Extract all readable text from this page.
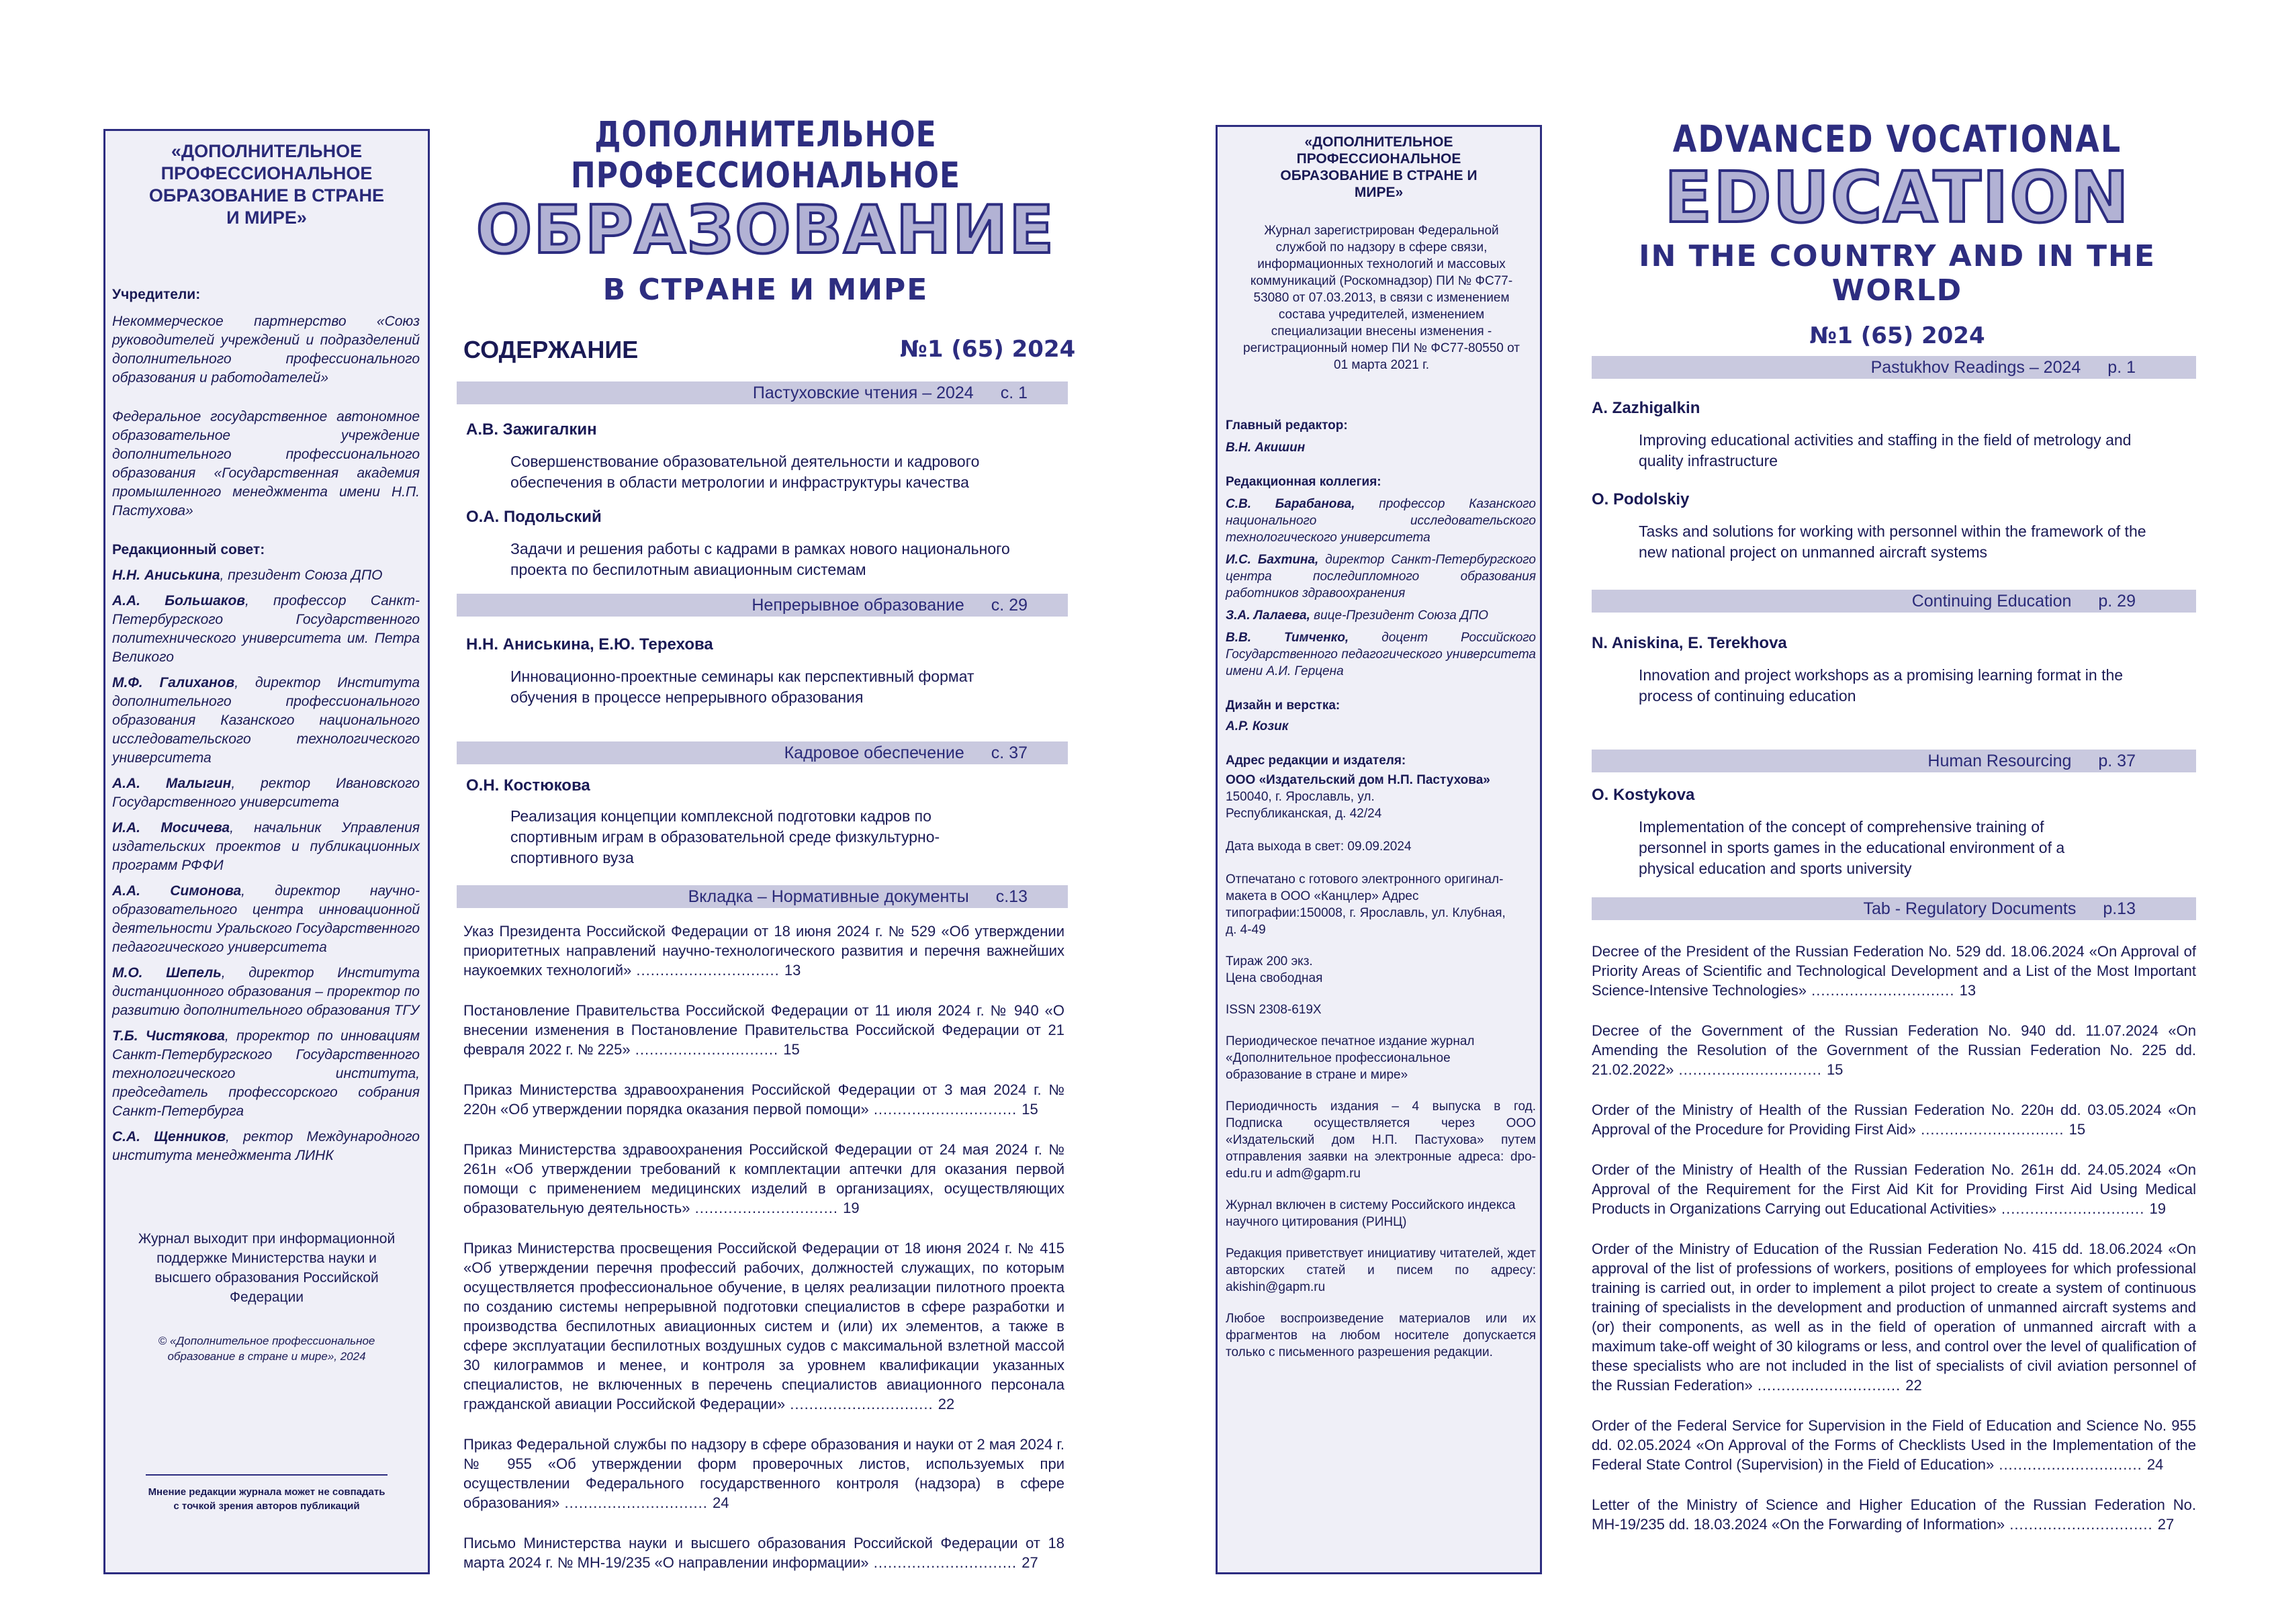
«ДОПОЛНИТЕЛЬНОЕ ПРОФЕССИОНАЛЬНОЕ ОБРАЗОВАНИЕ В СТРАНЕ И МИРЕ»
Учредители:
Некоммерческое партнерство «Союз руководителей учреждений и подразделений дополнительного профессионального образования и работодателей»
Федеральное государственное автономное образовательное учреждение дополнительного профессионального образования «Государственная академия промышленного менеджмента имени Н.П. Пастухова»
Редакционный совет:
Н.Н. Аниськина, президент Союза ДПО
А.А. Большаков, профессор Санкт-Петербургского Государственного политехнического университета им. Петра Великого
М.Ф. Галиханов, директор Института дополнительного профессионального образования Казанского национального исследовательского технологического университета
А.А. Малыгин, ректор Ивановского Государственного университета
И.А. Мосичева, начальник Управления издательских проектов и публикационных программ РФФИ
А.А. Симонова, директор научно-образовательного центра инновационной деятельности Уральского Государственного педагогического университета
М.О. Шепель, директор Института дистанционного образования – проректор по развитию дополнительного образования ТГУ
Т.Б. Чистякова, проректор по инновациям Санкт-Петербургского Государственного технологического института, председатель профессорского собрания Санкт-Петербурга
С.А. Щенников, ректор Международного института менеджмента ЛИНК
Журнал выходит при информационной поддержке Министерства науки и высшего образования Российской Федерации
© «Дополнительное профессиональное образование в стране и мире», 2024
Мнение редакции журнала может не совпадать с точкой зрения авторов публикаций
ДОПОЛНИТЕЛЬНОЕ ПРОФЕССИОНАЛЬНОЕ
ОБРАЗОВАНИЕ
В СТРАНЕ И МИРЕ
СОДЕРЖАНИЕ	№1 (65) 2024
Пастуховские чтения – 2024 с. 1
А.В. Зажигалкин
Совершенствование образовательной деятельности и кадрового обеспечения в области метрологии и инфраструктуры качества
О.А. Подольский
Задачи и решения работы с кадрами в рамках нового национального проекта по беспилотным авиационным системам
Непрерывное образование с. 29
Н.Н. Аниськина, Е.Ю. Терехова
Инновационно-проектные семинары как перспективный формат обучения в процессе непрерывного образования
Кадровое обеспечение с. 37
О.Н. Костюкова
Реализация концепции комплексной подготовки кадров по спортивным играм в образовательной среде физкультурно-спортивного вуза
Вкладка – Нормативные документы с.13
Указ Президента Российской Федерации от 18 июня 2024 г. № 529 «Об утверждении приоритетных направлений научно-технологического развития и перечня важнейших наукоемких технологий» .............................. 13
Постановление Правительства Российской Федерации от 11 июля 2024 г. № 940 «О внесении изменения в Постановление Правительства Российской Федерации от 21 февраля 2022 г. № 225» .............................. 15
Приказ Министерства здравоохранения Российской Федерации от 3 мая 2024 г. № 220н «Об утверждении порядка оказания первой помощи» .............................. 15
Приказ Министерства здравоохранения Российской Федерации от 24 мая 2024 г. № 261н «Об утверждении требований к комплектации аптечки для оказания первой помощи с применением медицинских изделий в организациях, осуществляющих образовательную деятельность» .............................. 19
Приказ Министерства просвещения Российской Федерации от 18 июня 2024 г. № 415 «Об утверждении перечня профессий рабочих, должностей служащих, по которым осуществляется профессиональное обучение, в целях реализации пилотного проекта по созданию системы непрерывной подготовки специалистов в сфере разработки и производства беспилотных авиационных систем и (или) их элементов, а также в сфере эксплуатации беспилотных воздушных судов с максимальной взлетной массой 30 килограммов и менее, и контроля за уровнем квалификации указанных специалистов, не включенных в перечень специалистов авиационного персонала гражданской авиации Российской Федерации» .............................. 22
Приказ Федеральной службы по надзору в сфере образования и науки от 2 мая 2024 г. № 955 «Об утверждении форм проверочных листов, используемых при осуществлении Федерального государственного контроля (надзора) в сфере образования» .............................. 24
Письмо Министерства науки и высшего образования Российской Федерации от 18 марта 2024 г. № МН-19/235 «О направлении информации» .............................. 27
«ДОПОЛНИТЕЛЬНОЕ ПРОФЕССИОНАЛЬНОЕ ОБРАЗОВАНИЕ В СТРАНЕ И МИРЕ»
Журнал зарегистрирован Федеральной службой по надзору в сфере связи, информационных технологий и массовых коммуникаций (Роскомнадзор) ПИ № ФС77-53080 от 07.03.2013, в связи с изменением состава учредителей, изменением специализации внесены изменения - регистрационный номер ПИ № ФС77-80550 от 01 марта 2021 г.
Главный редактор:
В.Н. Акишин
Редакционная коллегия:
С.В. Барабанова, профессор Казанского национального исследовательского технологического университета
И.С. Бахтина, директор Санкт-Петербургского центра последипломного образования работников здравоохранения
З.А. Лалаева, вице-Президент Союза ДПО
В.В. Тимченко, доцент Российского Государственного педагогического университета имени А.И. Герцена
Дизайн и верстка:
А.Р. Козик
Адрес редакции и издателя:
ООО «Издательский дом Н.П. Пастухова»
150040, г. Ярославль, ул. Республиканская, д. 42/24
Дата выхода в свет: 09.09.2024
Отпечатано с готового электронного оригинал-макета в ООО «Канцлер» Адрес типографии:150008, г. Ярославль, ул. Клубная, д. 4-49
Тираж 200 экз.
Цена свободная
ISSN 2308-619X
Периодическое печатное издание журнал «Дополнительное профессиональное образование в стране и мире»
Периодичность издания – 4 выпуска в год. Подписка осуществляется через ООО «Издательский дом Н.П. Пастухова» путем отправления заявки на электронные адреса: dpo-edu.ru и adm@gapm.ru
Журнал включен в систему Российского индекса научного цитирования (РИНЦ)
Редакция приветствует инициативу читателей, ждет авторских статей и писем по адресу: akishin@gapm.ru
Любое воспроизведение материалов или их фрагментов на любом носителе допускается только с письменного разрешения редакции.
ADVANCED VOCATIONAL
EDUCATION
IN THE COUNTRY AND IN THE WORLD
№1 (65) 2024
Pastukhov Readings – 2024 p. 1
A. Zazhigalkin
Improving educational activities and staffing in the field of metrology and quality infrastructure
O. Podolskiy
Tasks and solutions for working with personnel within the framework of the new national project on unmanned aircraft systems
Continuing Education p. 29
N. Aniskina, E. Terekhova
Innovation and project workshops as a promising learning format in the process of continuing education
Human Resourcing p. 37
O. Kostykova
Implementation of the concept of comprehensive training of personnel in sports games in the educational environment of a physical education and sports university
Tab - Regulatory Documents p.13
Decree of the President of the Russian Federation No. 529 dd. 18.06.2024 «On Approval of Priority Areas of Scientific and Technological Development and a List of the Most Important Science-Intensive Technologies» .............................. 13
Decree of the Government of the Russian Federation No. 940 dd. 11.07.2024 «On Amending the Resolution of the Government of the Russian Federation No. 225 dd. 21.02.2022» .............................. 15
Order of the Ministry of Health of the Russian Federation No. 220н dd. 03.05.2024 «On Approval of the Procedure for Providing First Aid» .............................. 15
Order of the Ministry of Health of the Russian Federation No. 261н dd. 24.05.2024 «On Approval of the Requirement for the First Aid Kit for Providing First Aid Using Medical Products in Organizations Carrying out Educational Activities» .............................. 19
Order of the Ministry of Education of the Russian Federation No. 415 dd. 18.06.2024 «On approval of the list of professions of workers, positions of employees for which professional training is carried out, in order to implement a pilot project to create a system of continuous training of specialists in the development and production of unmanned aircraft systems and (or) their components, as well as in the field of operation of unmanned aircraft with a maximum take-off weight of 30 kilograms or less, and control over the level of qualification of these specialists who are not included in the list of specialists of civil aviation personnel of the Russian Federation» .............................. 22
Order of the Federal Service for Supervision in the Field of Education and Science No. 955 dd. 02.05.2024 «On Approval of the Forms of Checklists Used in the Implementation of the Federal State Control (Supervision) in the Field of Education» .............................. 24
Letter of the Ministry of Science and Higher Education of the Russian Federation No. МН-19/235 dd. 18.03.2024 «On the Forwarding of Information» .............................. 27
